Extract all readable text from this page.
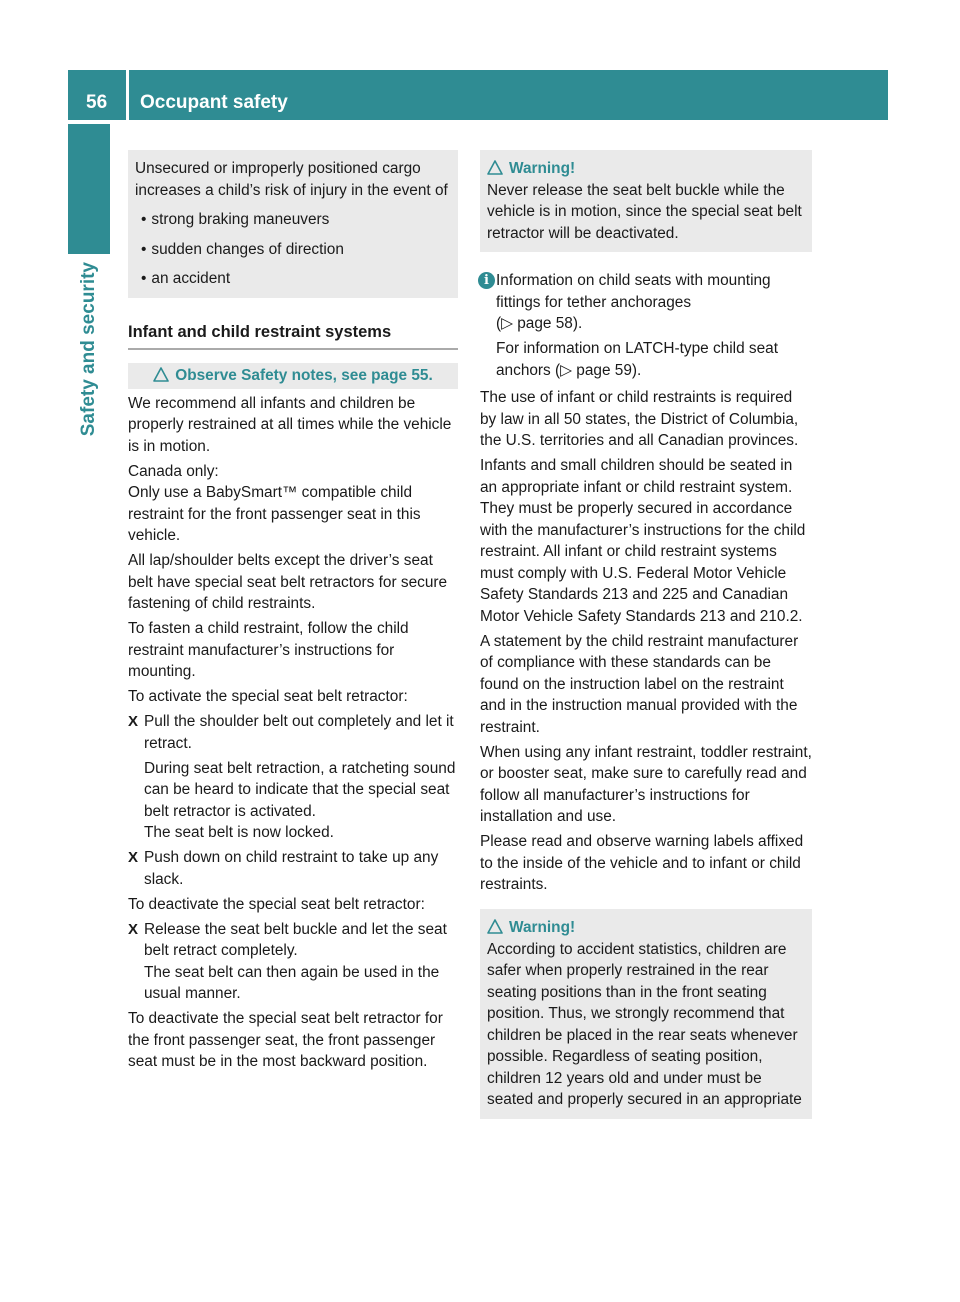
56 Occupant safety
Safety and security

Unsecured or improperly positioned cargo increases a child’s risk of injury in the event of

• strong braking maneuvers
• sudden changes of direction
• an accident
Infant and child restraint systems
Observe Safety notes, see page 55.

We recommend all infants and children be properly restrained at all times while the vehicle is in motion.

Canada only:

Only use a BabySmart™ compatible child restraint for the front passenger seat in this vehicle.

All lap/shoulder belts except the driver’s seat belt have special seat belt retractors for secure fastening of child restraints.

To fasten a child restraint, follow the child restraint manufacturer’s instructions for mounting.

To activate the special seat belt retractor:

X Pull the shoulder belt out completely and let it retract.

During seat belt retraction, a ratcheting sound can be heard to indicate that the special seat belt retractor is activated.

The seat belt is now locked.

X Push down on child restraint to take up any slack.

To deactivate the special seat belt retractor:

X Release the seat belt buckle and let the seat belt retract completely.

The seat belt can then again be used in the usual manner.

To deactivate the special seat belt retractor for the front passenger seat, the front passenger seat must be in the most backward position.

Warning!

Never release the seat belt buckle while the vehicle is in motion, since the special seat belt retractor will be deactivated.

i Information on child seats with mounting fittings for tether anchorages

(▷ page 58).

For information on LATCH-type child seat anchors (▷ page 59).

The use of infant or child restraints is required by law in all 50 states, the District of Columbia, the U.S. territories and all Canadian provinces.

Infants and small children should be seated in an appropriate infant or child restraint system. They must be properly secured in accordance with the manufacturer’s instructions for the child restraint. All infant or child restraint systems must comply with U.S. Federal Motor Vehicle Safety Standards 213 and 225 and Canadian Motor Vehicle Safety Standards 213 and 210.2.

A statement by the child restraint manufacturer of compliance with these standards can be found on the instruction label on the restraint and in the instruction manual provided with the restraint.

When using any infant restraint, toddler restraint, or booster seat, make sure to carefully read and follow all manufacturer’s instructions for installation and use.

Please read and observe warning labels affixed to the inside of the vehicle and to infant or child restraints.

Warning!

According to accident statistics, children are safer when properly restrained in the rear seating positions than in the front seating position. Thus, we strongly recommend that children be placed in the rear seats whenever possible. Regardless of seating position, children 12 years old and under must be seated and properly secured in an appropriate
